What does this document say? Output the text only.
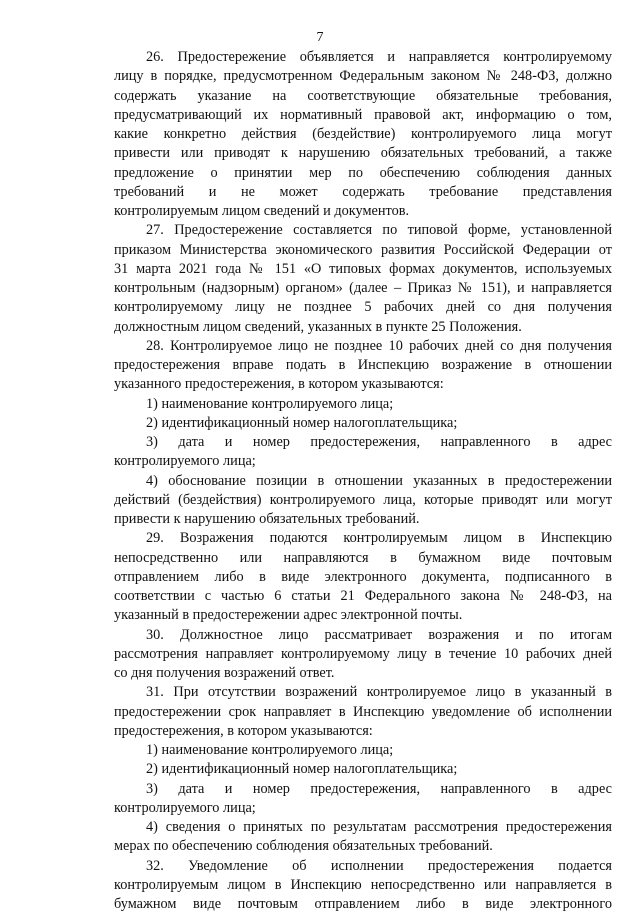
7
26. Предостережение объявляется и направляется контролируемому
лицу в порядке, предусмотренном Федеральным законом № 248-ФЗ, должно
содержать указание на соответствующие обязательные требования,
предусматривающий их нормативный правовой акт, информацию о том,
какие конкретно действия (бездействие) контролируемого лица могут
привести или приводят к нарушению обязательных требований, а также
предложение о принятии мер по обеспечению соблюдения данных
требований и не может содержать требование представления
контролируемым лицом сведений и документов.
27. Предостережение составляется по типовой форме, установленной
приказом Министерства экономического развития Российской Федерации от
31 марта 2021 года № 151 «О типовых формах документов, используемых
контрольным (надзорным) органом» (далее – Приказ № 151), и направляется
контролируемому лицу не позднее 5 рабочих дней со дня получения
должностным лицом сведений, указанных в пункте 25 Положения.
28. Контролируемое лицо не позднее 10 рабочих дней со дня получения
предостережения вправе подать в Инспекцию возражение в отношении
указанного предостережения, в котором указываются:
1) наименование контролируемого лица;
2) идентификационный номер налогоплательщика;
3) дата и номер предостережения, направленного в адрес
контролируемого лица;
4) обоснование позиции в отношении указанных в предостережении
действий (бездействия) контролируемого лица, которые приводят или могут
привести к нарушению обязательных требований.
29. Возражения подаются контролируемым лицом в Инспекцию
непосредственно или направляются в бумажном виде почтовым
отправлением либо в виде электронного документа, подписанного в
соответствии с частью 6 статьи 21 Федерального закона № 248-ФЗ, на
указанный в предостережении адрес электронной почты.
30. Должностное лицо рассматривает возражения и по итогам
рассмотрения направляет контролируемому лицу в течение 10 рабочих дней
со дня получения возражений ответ.
31. При отсутствии возражений контролируемое лицо в указанный в
предостережении срок направляет в Инспекцию уведомление об исполнении
предостережения, в котором указываются:
1) наименование контролируемого лица;
2) идентификационный номер налогоплательщика;
3) дата и номер предостережения, направленного в адрес
контролируемого лица;
4) сведения о принятых по результатам рассмотрения предостережения
мерах по обеспечению соблюдения обязательных требований.
32. Уведомление об исполнении предостережения подается
контролируемым лицом в Инспекцию непосредственно или направляется в
бумажном виде почтовым отправлением либо в виде электронного
